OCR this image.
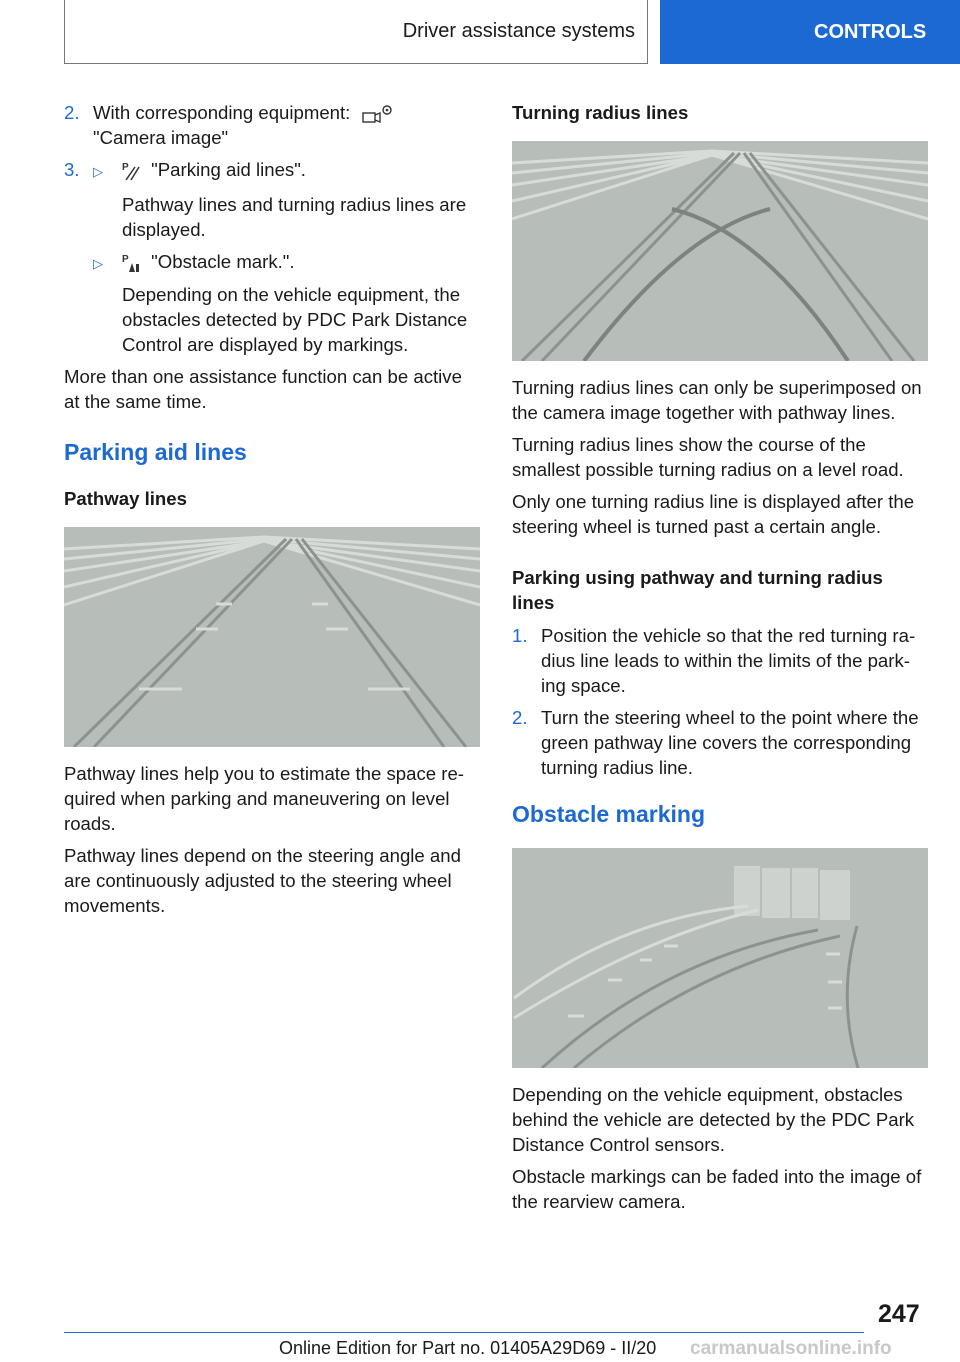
Driver assistance systems	CONTROLS
2. With corresponding equipment:
"Camera image"
3.	▷	P "Parking aid lines".

Pathway lines and turning radius lines are displayed.

▷	P "Obstacle mark.".

Depending on the vehicle equipment, the obstacles detected by PDC Park Distance Control are displayed by markings.

More than one assistance function can be active at the same time.

Parking aid lines
Pathway lines

Pathway lines help you to estimate the space required when parking and maneuvering on level roads.

Pathway lines depend on the steering angle and are continuously adjusted to the steering wheel movements.

Turning radius lines

Turning radius lines can only be superimposed on the camera image together with pathway lines.

Turning radius lines show the course of the smallest possible turning radius on a level road.

Only one turning radius line is displayed after the steering wheel is turned past a certain angle.

Parking using pathway and turning radius lines
1. Position the vehicle so that the red turning radius line leads to within the limits of the parking space.
2. Turn the steering wheel to the point where the green pathway line covers the corresponding turning radius line.
Obstacle marking

Depending on the vehicle equipment, obstacles behind the vehicle are detected by the PDC Park Distance Control sensors.

Obstacle markings can be faded into the image of the rearview camera.

247
Online Edition for Part no. 01405A29D69 - II/20 carmanualsonline.info
